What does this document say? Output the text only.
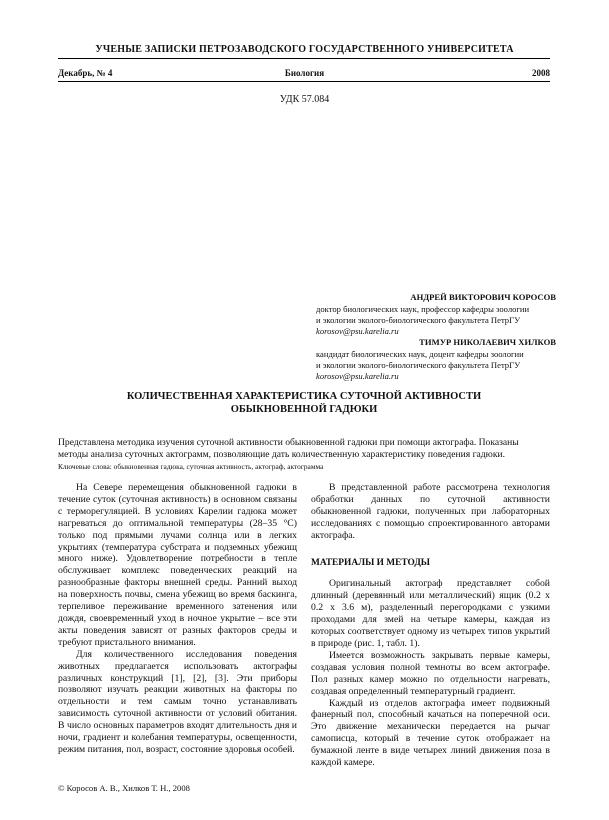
УЧЕНЫЕ ЗАПИСКИ ПЕТРОЗАВОДСКОГО ГОСУДАРСТВЕННОГО УНИВЕРСИТЕТА
Декабрь, № 4	Биология	2008
УДК 57.084
АНДРЕЙ ВИКТОРОВИЧ КОРОСОВ
доктор биологических наук, профессор кафедры зоологии
и экологии эколого-биологического факультета ПетрГУ
korosov@psu.karelia.ru
ТИМУР НИКОЛАЕВИЧ ХИЛКОВ
кандидат биологических наук, доцент кафедры зоологии
и экологии эколого-биологического факультета ПетрГУ
korosov@psu.karelia.ru
КОЛИЧЕСТВЕННАЯ ХАРАКТЕРИСТИКА СУТОЧНОЙ АКТИВНОСТИ
ОБЫКНОВЕННОЙ ГАДЮКИ
Представлена методика изучения суточной активности обыкновенной гадюки при помощи актографа. Показаны методы анализа суточных актограмм, позволяющие дать количественную характеристику поведения гадюки.
Ключевые слова: обыкновенная гадюка, суточная активность, актограф, актограмма

На Севере перемещения обыкновенной гадюки в течение суток (суточная активность) в основном связаны с терморегуляцией. В условиях Карелии гадюка может нагреваться до оптимальной температуры (28–35 °С) только под прямыми лучами солнца или в легких укрытиях (температура субстрата и подземных убежищ много ниже). Удовлетворение потребности в тепле обслуживает комплекс поведенческих реакций на разнообразные факторы внешней среды. Ранний выход на поверхность почвы, смена убежищ во время баскинга, терпеливое переживание временного затенения или дождя, своевременный уход в ночное укрытие – все эти акты поведения зависят от разных факторов среды и требуют пристального внимания.

Для количественного исследования поведения животных предлагается использовать актографы различных конструкций [1], [2], [3]. Эти приборы позволяют изучать реакции животных на факторы по отдельности и тем самым точно устанавливать зависимость суточной активности от условий обитания. В число основных параметров входят длительность дня и ночи, градиент и колебания температуры, освещенности, режим питания, пол, возраст, состояние здоровья особей.

В представленной работе рассмотрена технология обработки данных по суточной активности обыкновенной гадюки, полученных при лабораторных исследованиях с помощью спроектированного авторами актографа.

МАТЕРИАЛЫ И МЕТОДЫ

Оригинальный актограф представляет собой длинный (деревянный или металлический) ящик (0.2 х 0.2 х 3.6 м), разделенный перегородками с узкими проходами для змей на четыре камеры, каждая из которых соответствует одному из четырех типов укрытий в природе (рис. 1, табл. 1).

Имеется возможность закрывать первые камеры, создавая условия полной темноты во всем актографе. Пол разных камер можно по отдельности нагревать, создавая определенный температурный градиент.

Каждый из отделов актографа имеет подвижный фанерный пол, способный качаться на поперечной оси. Это движение механически передается на рычаг самописца, который в течение суток отображает на бумажной ленте в виде четырех линий движения поза в каждой камере.

© Коросов А. В., Хилков Т. Н., 2008
